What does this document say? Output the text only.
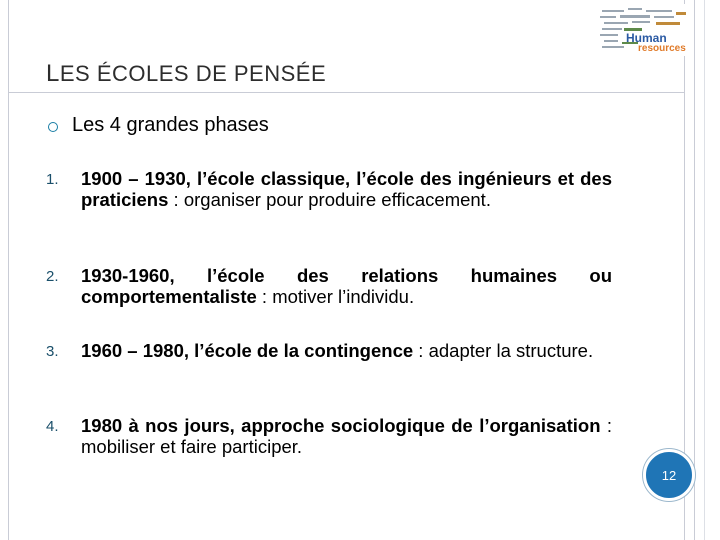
Human
resources
LES ÉCOLES DE PENSÉE
Les 4 grandes phases
1. 1900 – 1930, l’école classique, l’école des ingénieurs et des praticiens : organiser pour produire efficacement.
2. 1930-1960, l’école des relations humaines ou comportementaliste : motiver l’individu.
3. 1960 – 1980, l’école de la contingence : adapter la structure.
4. 1980 à nos jours, approche sociologique de l’organisation : mobiliser et faire participer.
12
